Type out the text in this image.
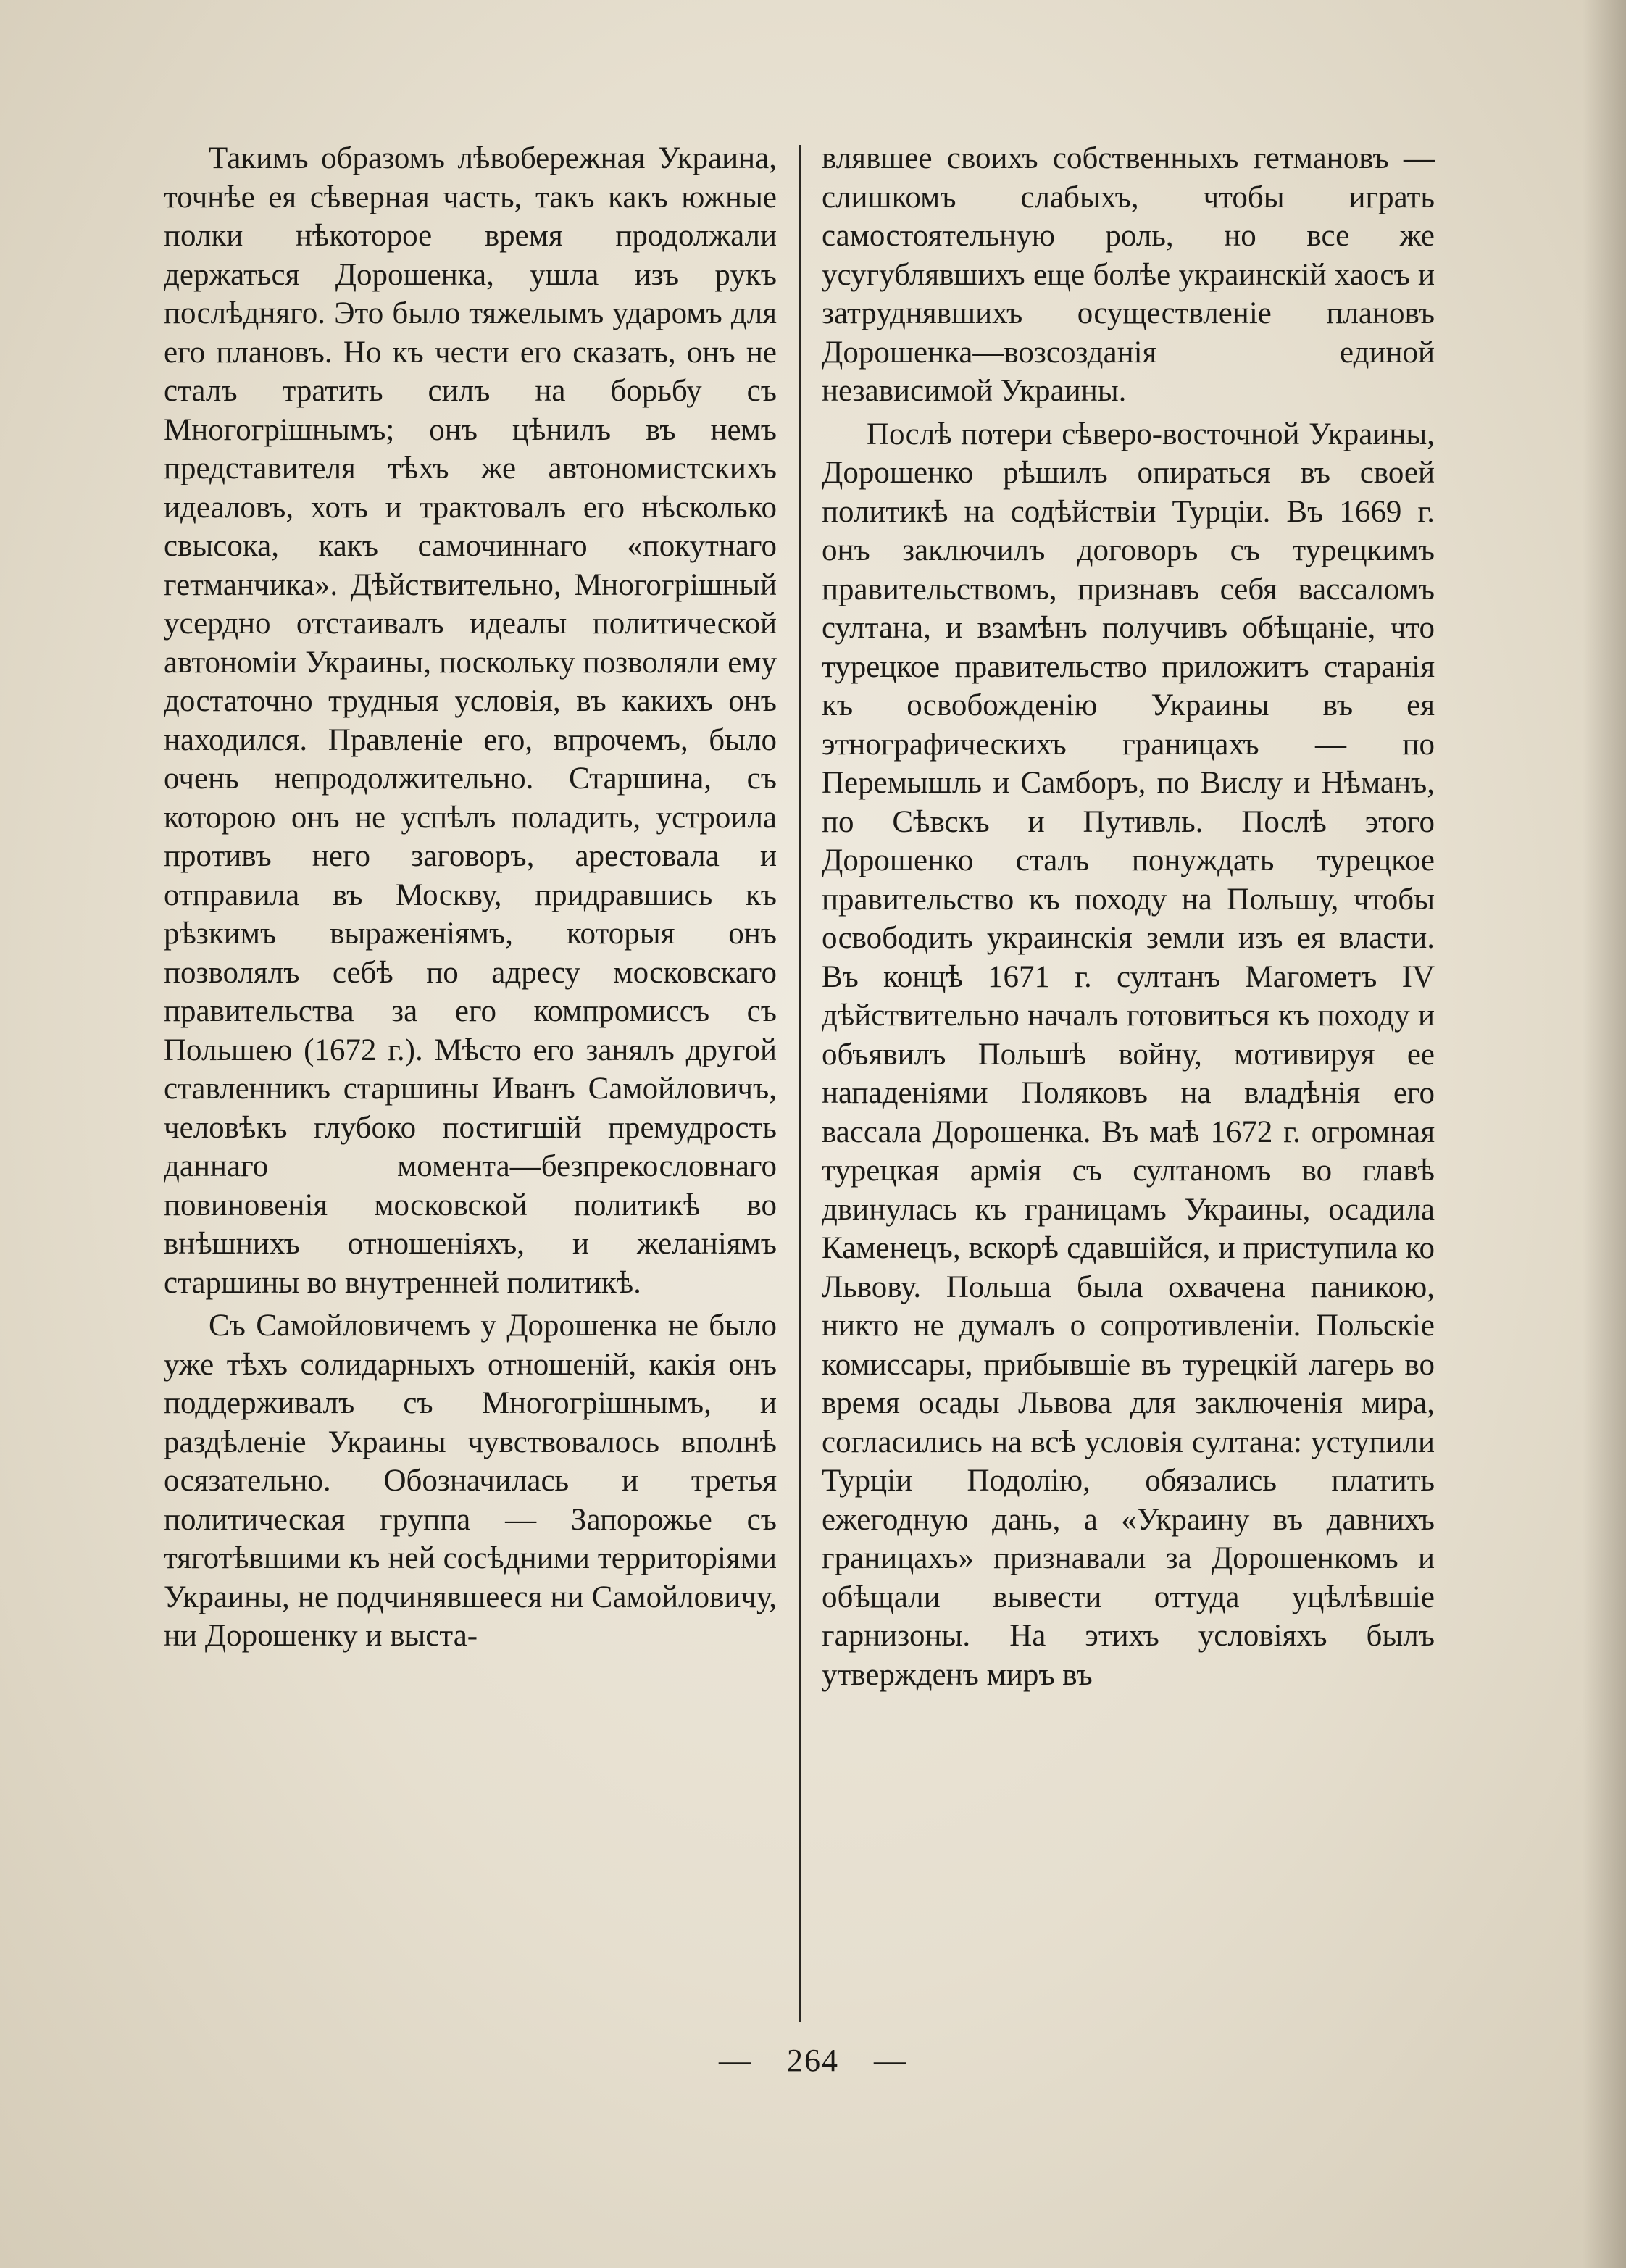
Такимъ образомъ лѣвобережная Украина, точнѣе ея сѣверная часть, такъ какъ южные полки нѣкоторое время продолжали держаться Дорошенка, ушла изъ рукъ послѣдняго. Это было тяжелымъ ударомъ для его плановъ. Но къ чести его сказать, онъ не сталъ тратить силъ на борьбу съ Многогрішнымъ; онъ цѣнилъ въ немъ представителя тѣхъ же автономистскихъ идеаловъ, хоть и трактовалъ его нѣсколько свысока, какъ самочиннаго «покутнаго гетманчика». Дѣйствительно, Многогрішный усердно отстаивалъ идеалы политической автономіи Украины, поскольку позволяли ему достаточно трудныя условія, въ какихъ онъ находился. Правленіе его, впрочемъ, было очень непродолжительно. Старшина, съ которою онъ не успѣлъ поладить, устроила противъ него заговоръ, арестовала и отправила въ Москву, придравшись къ рѣзкимъ выраженіямъ, которыя онъ позволялъ себѣ по адресу московскаго правительства за его компромиссъ съ Польшею (1672 г.). Мѣсто его занялъ другой ставленникъ старшины Иванъ Самойловичъ, человѣкъ глубоко постигшій премудрость даннаго момента—безпрекословнаго повиновенія московской политикѣ во внѣшнихъ отношеніяхъ, и желаніямъ старшины во внутренней политикѣ.

Съ Самойловичемъ у Дорошенка не было уже тѣхъ солидарныхъ отношеній, какія онъ поддерживалъ съ Многогрішнымъ, и раздѣленіе Украины чувствовалось вполнѣ осязательно. Обозначилась и третья политическая группа — Запорожье съ тяготѣвшими къ ней сосѣдними территоріями Украины, не подчинявшееся ни Самойловичу, ни Дорошенку и выста-

влявшее своихъ собственныхъ гетмановъ — слишкомъ слабыхъ, чтобы играть самостоятельную роль, но все же усугублявшихъ еще болѣе украинскій хаосъ и затруднявшихъ осуществленіе плановъ Дорошенка—возсозданія единой независимой Украины.

Послѣ потери сѣверо-восточной Украины, Дорошенко рѣшилъ опираться въ своей политикѣ на содѣйствіи Турціи. Въ 1669 г. онъ заключилъ договоръ съ турецкимъ правительствомъ, признавъ себя вассаломъ султана, и взамѣнъ получивъ обѣщаніе, что турецкое правительство приложитъ старанія къ освобожденію Украины въ ея этнографическихъ границахъ — по Перемышль и Самборъ, по Вислу и Нѣманъ, по Сѣвскъ и Путивль. Послѣ этого Дорошенко сталъ понуждать турецкое правительство къ походу на Польшу, чтобы освободить украинскія земли изъ ея власти. Въ концѣ 1671 г. султанъ Магометъ IV дѣйствительно началъ готовиться къ походу и объявилъ Польшѣ войну, мотивируя ее нападеніями Поляковъ на владѣнія его вассала Дорошенка. Въ маѣ 1672 г. огромная турецкая армія съ султаномъ во главѣ двинулась къ границамъ Украины, осадила Каменецъ, вскорѣ сдавшійся, и приступила ко Львову. Польша была охвачена паникою, никто не думалъ о сопротивленіи. Польскіе комиссары, прибывшіе въ турецкій лагерь во время осады Львова для заключенія мира, согласились на всѣ условія султана: уступили Турціи Подолію, обязались платить ежегодную дань, а «Украину въ давнихъ границахъ» признавали за Дорошенкомъ и обѣщали вывести оттуда уцѣлѣвшіе гарнизоны. На этихъ условіяхъ былъ утвержденъ миръ въ

— 264 —
